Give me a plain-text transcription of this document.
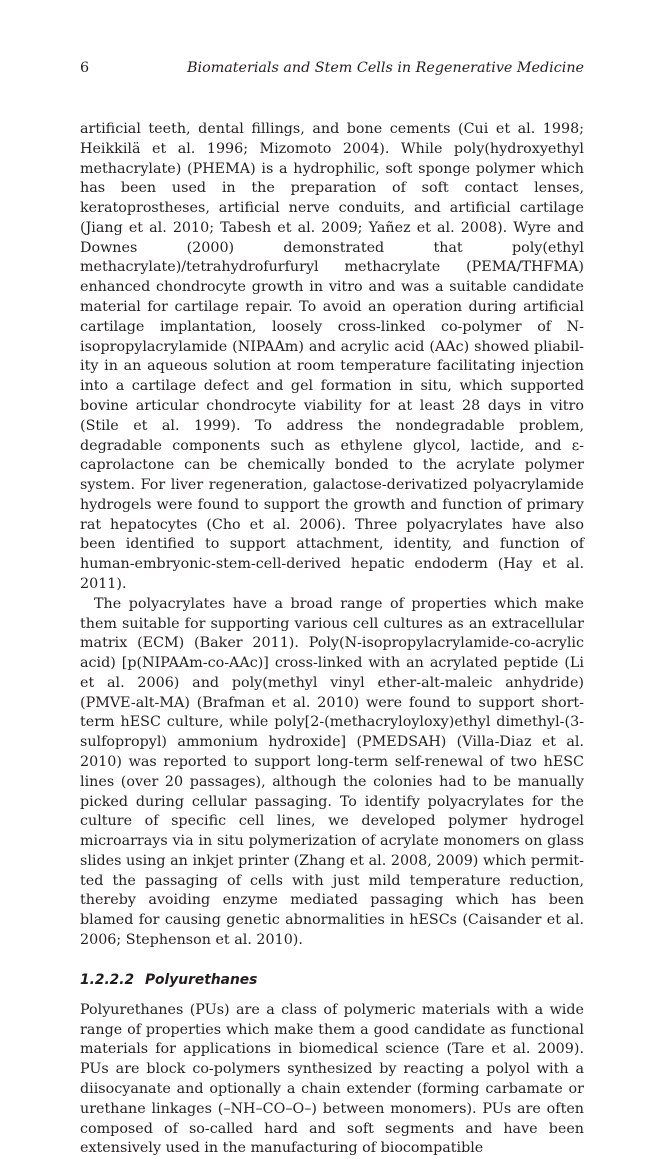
6	Biomaterials and Stem Cells in Regenerative Medicine

artificial teeth, dental fillings, and bone cements (Cui et al. 1998; Heikkilä et al. 1996; Mizomoto 2004). While poly(hydroxyethyl methacrylate) (PHEMA) is a hydrophilic, soft sponge polymer which has been used in the preparation of soft contact lenses, keratoprostheses, artificial nerve conduits, and artificial cartilage (Jiang et al. 2010; Tabesh et al. 2009; Yañez et al. 2008). Wyre and Downes (2000) demonstrated that poly(ethyl methacrylate)/tetrahydrofurfuryl methacrylate (PEMA/THFMA) enhanced chondrocyte growth in vitro and was a suitable candidate material for cartilage repair. To avoid an operation during artificial cartilage implantation, loosely cross-linked co-polymer of N-isopropylacrylamide (NIPAAm) and acrylic acid (AAc) showed pliability in an aqueous solution at room temperature facilitating injection into a cartilage defect and gel formation in situ, which supported bovine articular chondrocyte viability for at least 28 days in vitro (Stile et al. 1999). To address the nondegradable problem, degradable components such as ethylene glycol, lactide, and ε-caprolactone can be chemically bonded to the acrylate polymer system. For liver regeneration, galactose-derivatized polyacrylamide hydrogels were found to support the growth and function of primary rat hepatocytes (Cho et al. 2006). Three polyacrylates have also been identified to support attachment, identity, and function of human-embryonic-stem-cell-derived hepatic endoderm (Hay et al. 2011).

The polyacrylates have a broad range of properties which make them suitable for supporting various cell cultures as an extracellular matrix (ECM) (Baker 2011). Poly(N-isopropylacrylamide-co-acrylic acid) [p(NIPAAm-co-AAc)] cross-linked with an acrylated peptide (Li et al. 2006) and poly(methyl vinyl ether-alt-maleic anhydride) (PMVE-alt-MA) (Brafman et al. 2010) were found to support short-term hESC culture, while poly[2-(methacryloyloxy)ethyl dimethyl-(3-sulfopropyl) ammonium hydroxide] (PMEDSAH) (Villa-Diaz et al. 2010) was reported to support long-term self-renewal of two hESC lines (over 20 passages), although the colonies had to be manually picked during cellular passaging. To identify polyacrylates for the culture of specific cell lines, we developed polymer hydrogel microarrays via in situ polymerization of acrylate monomers on glass slides using an inkjet printer (Zhang et al. 2008, 2009) which permitted the passaging of cells with just mild temperature reduction, thereby avoiding enzyme mediated passaging which has been blamed for causing genetic abnormalities in hESCs (Caisander et al. 2006; Stephenson et al. 2010).

1.2.2.2 Polyurethanes

Polyurethanes (PUs) are a class of polymeric materials with a wide range of properties which make them a good candidate as functional materials for applications in biomedical science (Tare et al. 2009). PUs are block co-polymers synthesized by reacting a polyol with a diisocyanate and optionally a chain extender (forming carbamate or urethane linkages (–NH–CO–O–) between monomers). PUs are often composed of so-called hard and soft segments and have been extensively used in the manufacturing of biocompatible
